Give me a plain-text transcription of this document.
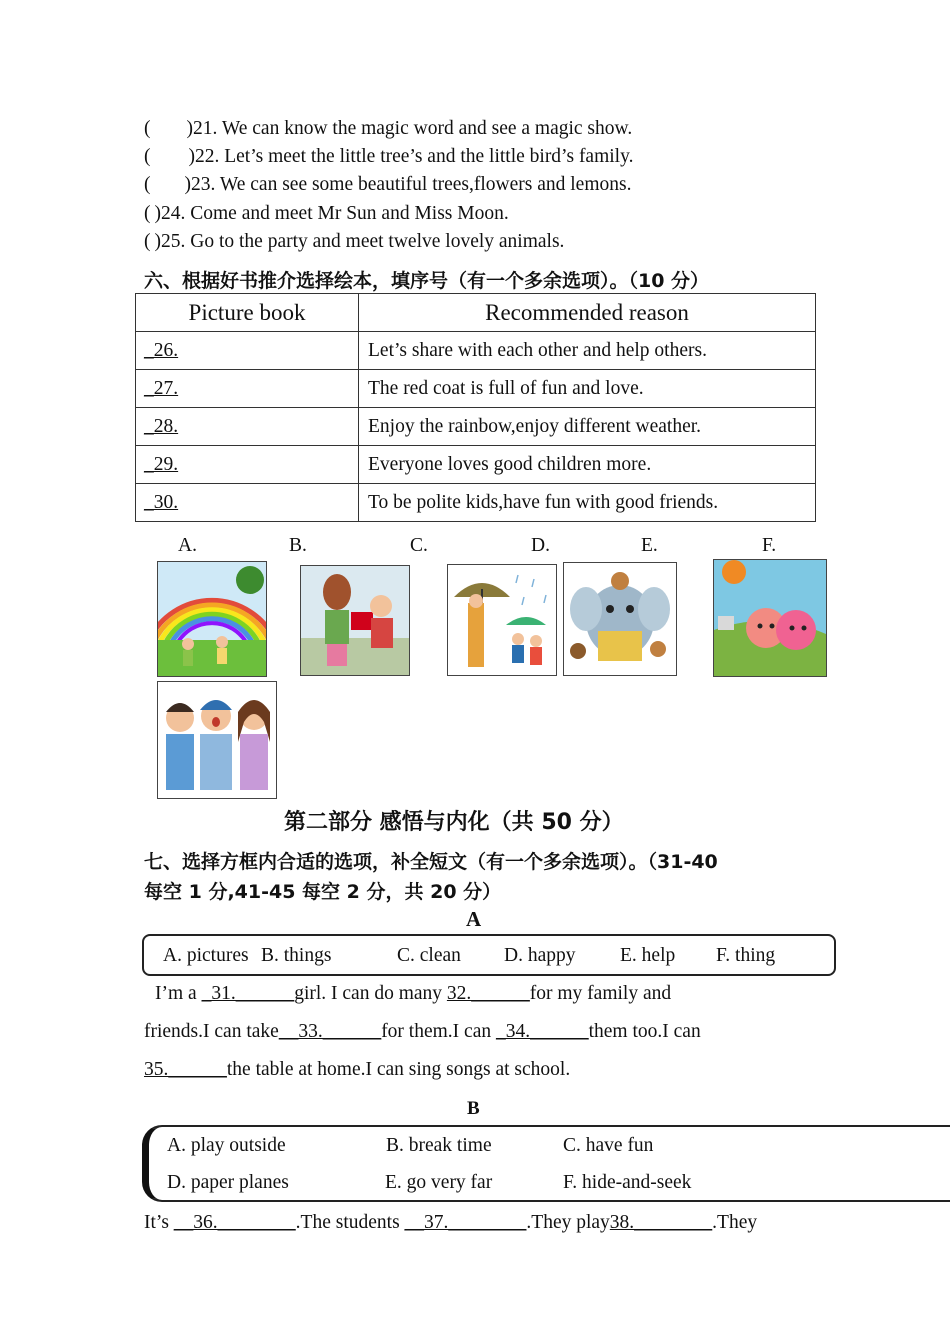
( )21. We can know the magic word and see a magic show.
( )22. Let’s meet the little tree’s and the little bird’s family.
( )23. We can see some beautiful trees,flowers and lemons.
( )24. Come and meet Mr Sun and Miss Moon.
( )25. Go to the party and meet twelve lovely animals.
六、根据好书推介选择绘本，填序号（有一个多余选项）。（10 分）
Picture book	Recommended reason
_26.	Let’s share with each other and help others.
_27.	The red coat is full of fun and love.
_28.	Enjoy the rainbow,enjoy different weather.
_29.	Everyone loves good children more.
_30.	To be polite kids,have fun with good friends.
A.	B.	C.	D.	E.	F.
第二部分 感悟与内化（共 50 分）
七、选择方框内合适的选项，补全短文（有一个多余选项）。（31-40
每空 1 分,41-45 每空 2 分，共 20 分）
A
A. pictures B. things	C. clean D. happy E. help F. thing
I’m a _31.______girl. I can do many 32.______for my family and
friends.I can take__33.______for them.I can _34.______them too.I can
35.______the table at home.I can sing songs at school.
B
A. play outside	B. break time	C. have fun
D. paper planes	E. go very far	F. hide-and-seek
It’s __36.________.The students __37.________.They play38.________.They
